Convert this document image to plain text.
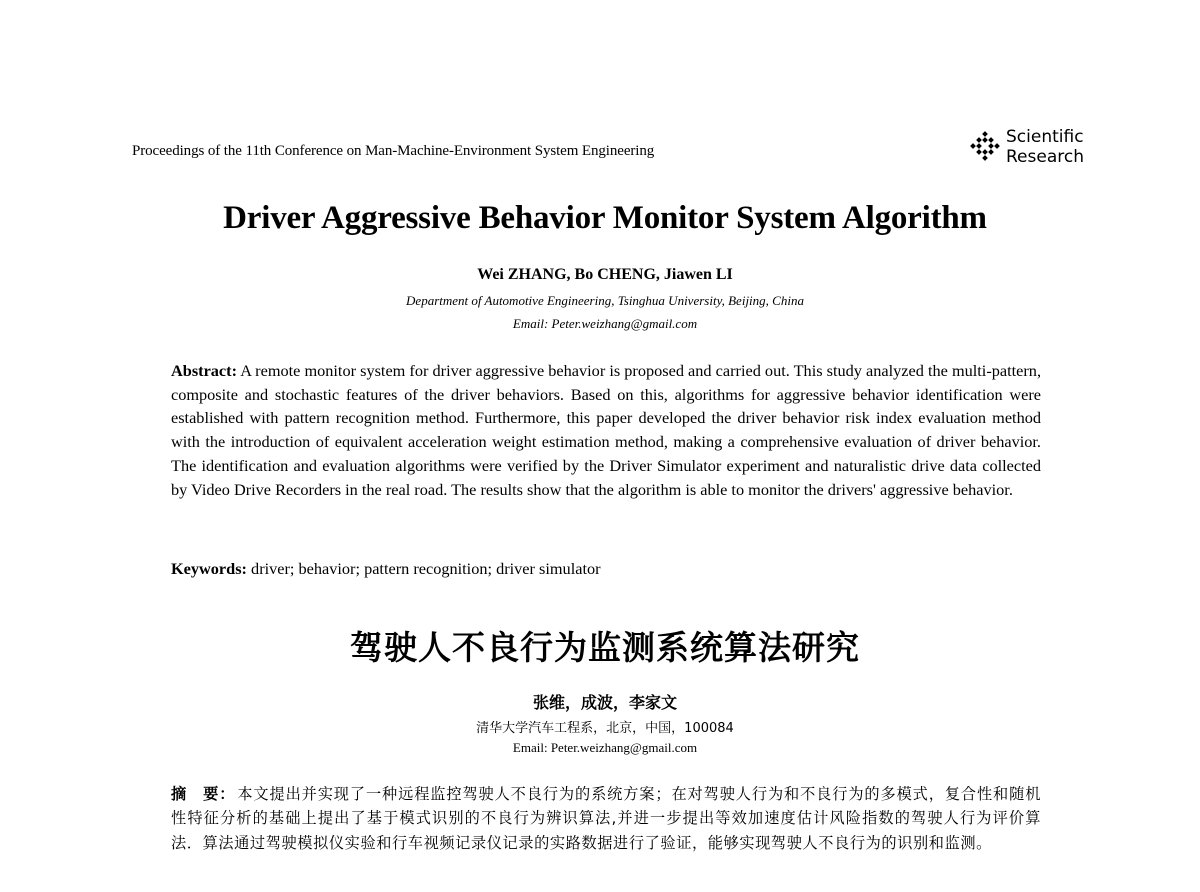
Proceedings of the 11th Conference on Man-Machine-Environment System Engineering
Scientific
Research
Driver Aggressive Behavior Monitor System Algorithm
Wei ZHANG, Bo CHENG, Jiawen LI
Department of Automotive Engineering, Tsinghua University, Beijing, China
Email: Peter.weizhang@gmail.com
Abstract: A remote monitor system for driver aggressive behavior is proposed and carried out. This study analyzed the multi-pattern, composite and stochastic features of the driver behaviors. Based on this, algorithms for aggressive behavior identification were established with pattern recognition method. Furthermore, this paper developed the driver behavior risk index evaluation method with the introduction of equivalent acceleration weight estimation method, making a comprehensive evaluation of driver behavior. The identification and evaluation algorithms were verified by the Driver Simulator experiment and naturalistic drive data collected by Video Drive Recorders in the real road. The results show that the algorithm is able to monitor the drivers' aggressive behavior.
Keywords: driver; behavior; pattern recognition; driver simulator
驾驶人不良行为监测系统算法研究
张维，成波，李家文
清华大学汽车工程系，北京，中国，100084
Email: Peter.weizhang@gmail.com
摘　要： 本文提出并实现了一种远程监控驾驶人不良行为的系统方案；在对驾驶人行为和不良行为的多模式，复合性和随机性特征分析的基础上提出了基于模式识别的不良行为辨识算法,并进一步提出等效加速度估计风险指数的驾驶人行为评价算法．算法通过驾驶模拟仪实验和行车视频记录仪记录的实路数据进行了验证，能够实现驾驶人不良行为的识别和监测。
